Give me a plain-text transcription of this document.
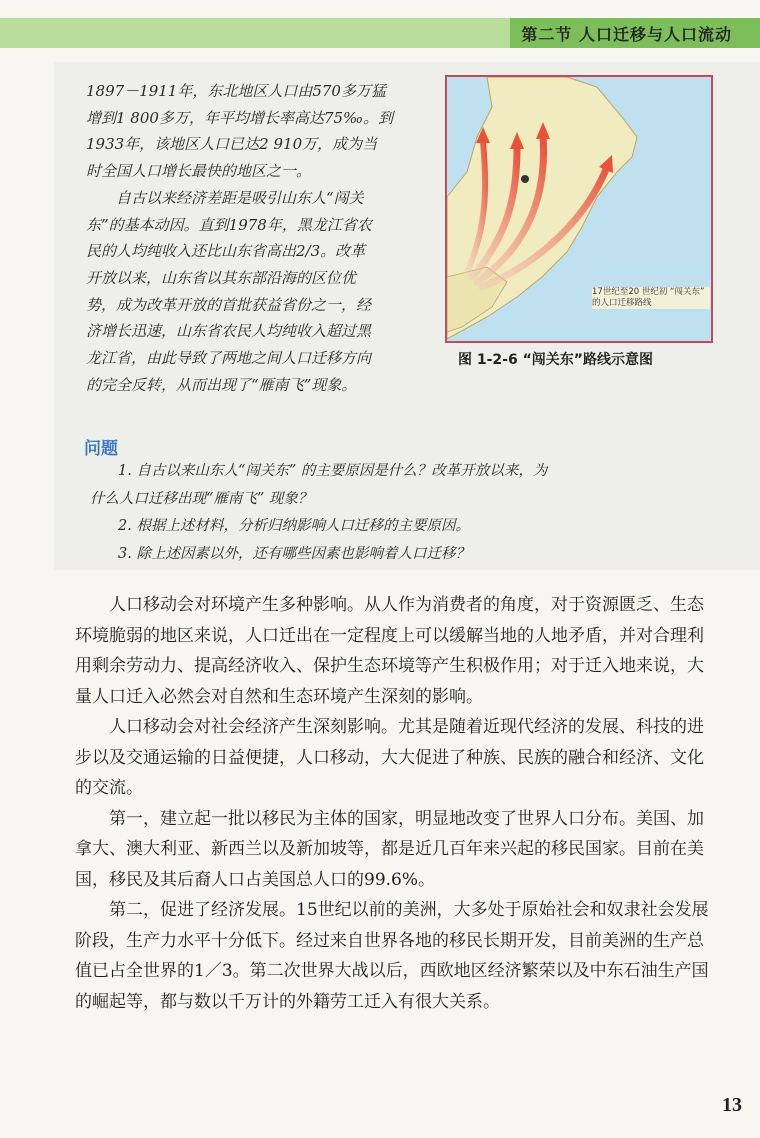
第二节 人口迁移与人口流动

1897－1911年，东北地区人口由570多万猛

增到1 800多万，年平均增长率高达75‰。到

1933年，该地区人口已达2 910万，成为当

时全国人口增长最快的地区之一。

自古以来经济差距是吸引山东人“闯关

东”的基本动因。直到1978年，黑龙江省农

民的人均纯收入还比山东省高出2/3。改革

开放以来，山东省以其东部沿海的区位优

势，成为改革开放的首批获益省份之一，经

济增长迅速，山东省农民人均纯收入超过黑

龙江省，由此导致了两地之间人口迁移方向

的完全反转，从而出现了“雁南飞”现象。

17世纪至20 世纪初 “闯关东” 的人口迁移路线
图 1-2-6 “闯关东”路线示意图
问题

1. 自古以来山东人“闯关东” 的主要原因是什么？改革开放以来，为

什么人口迁移出现“雁南飞” 现象？

2. 根据上述材料，分析归纳影响人口迁移的主要原因。

3. 除上述因素以外，还有哪些因素也影响着人口迁移？

人口移动会对环境产生多种影响。从人作为消费者的角度，对于资源匮乏、生态环境脆弱的地区来说，人口迁出在一定程度上可以缓解当地的人地矛盾，并对合理利用剩余劳动力、提高经济收入、保护生态环境等产生积极作用；对于迁入地来说，大量人口迁入必然会对自然和生态环境产生深刻的影响。

人口移动会对社会经济产生深刻影响。尤其是随着近现代经济的发展、科技的进步以及交通运输的日益便捷，人口移动，大大促进了种族、民族的融合和经济、文化的交流。

第一，建立起一批以移民为主体的国家，明显地改变了世界人口分布。美国、加拿大、澳大利亚、新西兰以及新加坡等，都是近几百年来兴起的移民国家。目前在美国，移民及其后裔人口占美国总人口的99.6%。

第二，促进了经济发展。15世纪以前的美洲，大多处于原始社会和奴隶社会发展阶段，生产力水平十分低下。经过来自世界各地的移民长期开发，目前美洲的生产总值已占全世界的1／3。第二次世界大战以后，西欧地区经济繁荣以及中东石油生产国的崛起等，都与数以千万计的外籍劳工迁入有很大关系。

13
